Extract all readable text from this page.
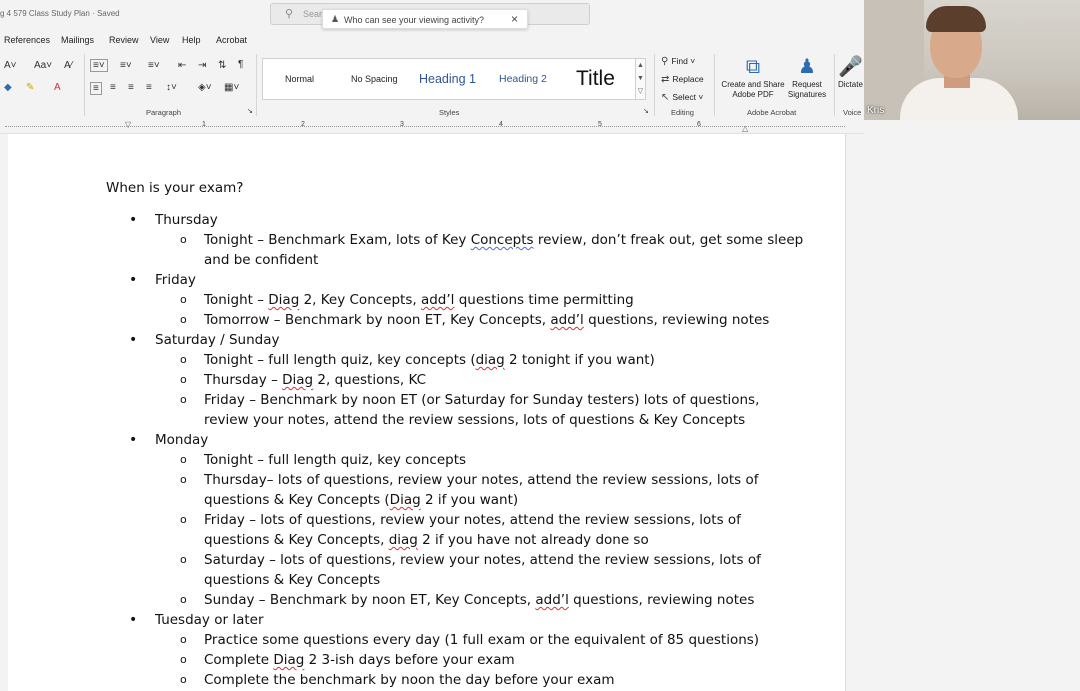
g 4 579 Class Study Plan · Saved	⚲ Sear ♟ Who can see your viewing activity? ×
References Mailings Review View Help Acrobat
A˅ Aa˅ A∕
◆ ✎ A
≡˅	≡˅ ≡˅ ⇤ ⇥ ⇅ ¶
≡	≡ ≡ ≡ ↕˅ ◈˅ ▦˅
Paragraph	↘
Normal	No Spacing Heading 1 Heading 2 Title
▲
▼
▽
Styles	↘
⚲ Find ˅
⇄ Replace
↖ Select ˅
Editing
⧉
Create and Share
Adobe PDF
♟
Request
Signatures
Adobe Acrobat
🎤
Dictate
Voice Kris
▽	1	2	3	4	5	6	△
When is your exam?
• Thursday
o Tonight – Benchmark Exam, lots of Key Concepts review, don’t freak out, get some sleep
and be confident
• Friday
o Tonight – Diag 2, Key Concepts, add’l questions time permitting
o Tomorrow – Benchmark by noon ET, Key Concepts, add’l questions, reviewing notes
• Saturday / Sunday
o Tonight – full length quiz, key concepts (diag 2 tonight if you want)
o Thursday – Diag 2, questions, KC
o Friday – Benchmark by noon ET (or Saturday for Sunday testers) lots of questions,
review your notes, attend the review sessions, lots of questions & Key Concepts
• Monday
o Tonight – full length quiz, key concepts
o Thursday– lots of questions, review your notes, attend the review sessions, lots of
questions & Key Concepts (Diag 2 if you want)
o Friday – lots of questions, review your notes, attend the review sessions, lots of
questions & Key Concepts, diag 2 if you have not already done so
o Saturday – lots of questions, review your notes, attend the review sessions, lots of
questions & Key Concepts
o Sunday – Benchmark by noon ET, Key Concepts, add’l questions, reviewing notes
• Tuesday or later
o Practice some questions every day (1 full exam or the equivalent of 85 questions)
o Complete Diag 2 3-ish days before your exam
o Complete the benchmark by noon the day before your exam
